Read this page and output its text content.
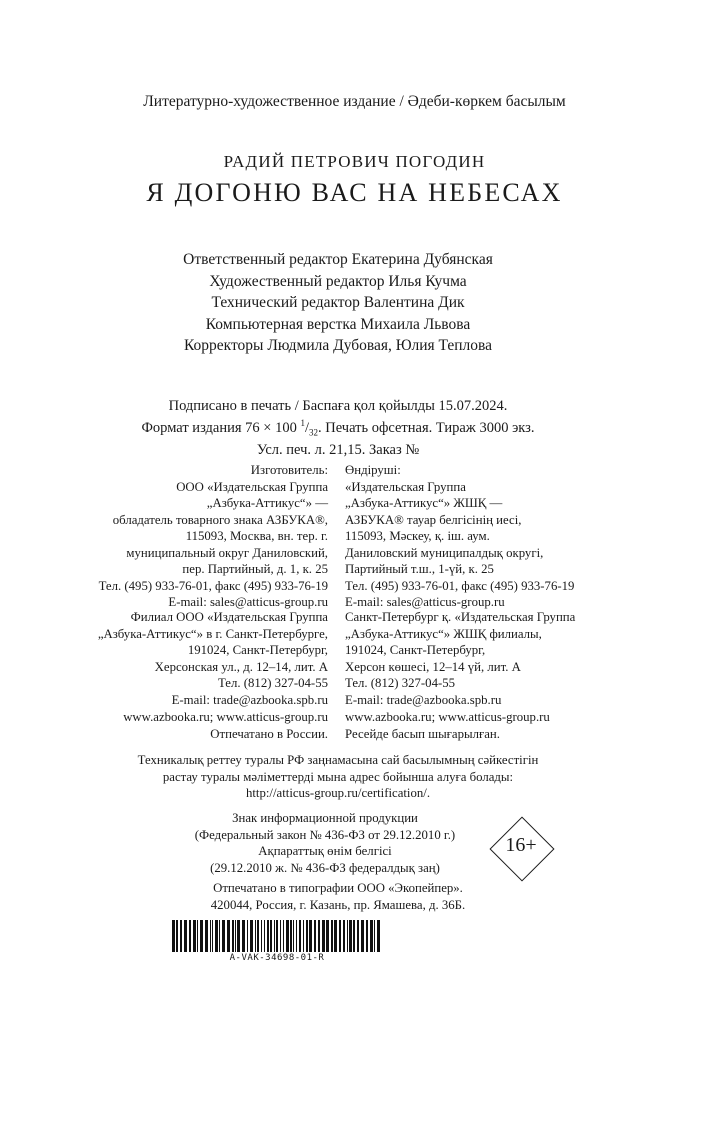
Литературно-художественное издание / Әдеби-көркем басылым
РАДИЙ ПЕТРОВИЧ ПОГОДИН
Я ДОГОНЮ ВАС НА НЕБЕСАХ
Ответственный редактор Екатерина Дубянская
Художественный редактор Илья Кучма
Технический редактор Валентина Дик
Компьютерная верстка Михаила Львова
Корректоры Людмила Дубовая, Юлия Теплова
Подписано в печать / Баспаға қол қойылды 15.07.2024.
Формат издания 76 × 100 $^1/_{32}$. Печать офсетная. Тираж 3000 экз.
Усл. печ. л. 21,15. Заказ №
Изготовитель:
ООО «Издательская Группа
„Азбука-Аттикус“» —
обладатель товарного знака АЗБУКА®,
115093, Москва, вн. тер. г.
муниципальный округ Даниловский,
пер. Партийный, д. 1, к. 25
Тел. (495) 933-76-01, факс (495) 933-76-19
E-mail: sales@atticus-group.ru
Өндіруші:
«Издательская Группа
„Азбука-Аттикус“» ЖШҚ —
АЗБУКА® тауар белгісінің иесі,
115093, Мәскеу, қ. іш. аум.
Даниловский муниципалдық округі,
Партийный т.ш., 1-үй, к. 25
Тел. (495) 933-76-01, факс (495) 933-76-19
E-mail: sales@atticus-group.ru
Филиал ООО «Издательская Группа
„Азбука-Аттикус“» в г. Санкт-Петербурге,
191024, Санкт-Петербург,
Херсонская ул., д. 12–14, лит. А
Тел. (812) 327-04-55
E-mail: trade@azbooka.spb.ru
Санкт-Петербург қ. «Издательская Группа
„Азбука-Аттикус“» ЖШҚ филиалы,
191024, Санкт-Петербург,
Херсон көшесі, 12–14 үй, лит. А
Тел. (812) 327-04-55
E-mail: trade@azbooka.spb.ru
www.azbooka.ru; www.atticus-group.ru
Отпечатано в России.
www.azbooka.ru; www.atticus-group.ru
Ресейде басып шығарылған.
Техникалық реттеу туралы РФ заңнамасына сай басылымның сәйкестігін
растау туралы мәліметтерді мына адрес бойынша алуға болады:
http://atticus-group.ru/certification/.
Знак информационной продукции
(Федеральный закон № 436-ФЗ от 29.12.2010 г.)
Ақпараттық өнім белгісі
(29.12.2010 ж. № 436-ФЗ федералдық заң)
16+
Отпечатано в типографии ООО «Экопейпер».
420044, Россия, г. Казань, пр. Ямашева, д. 36Б.
A-VAK-34698-01-R
